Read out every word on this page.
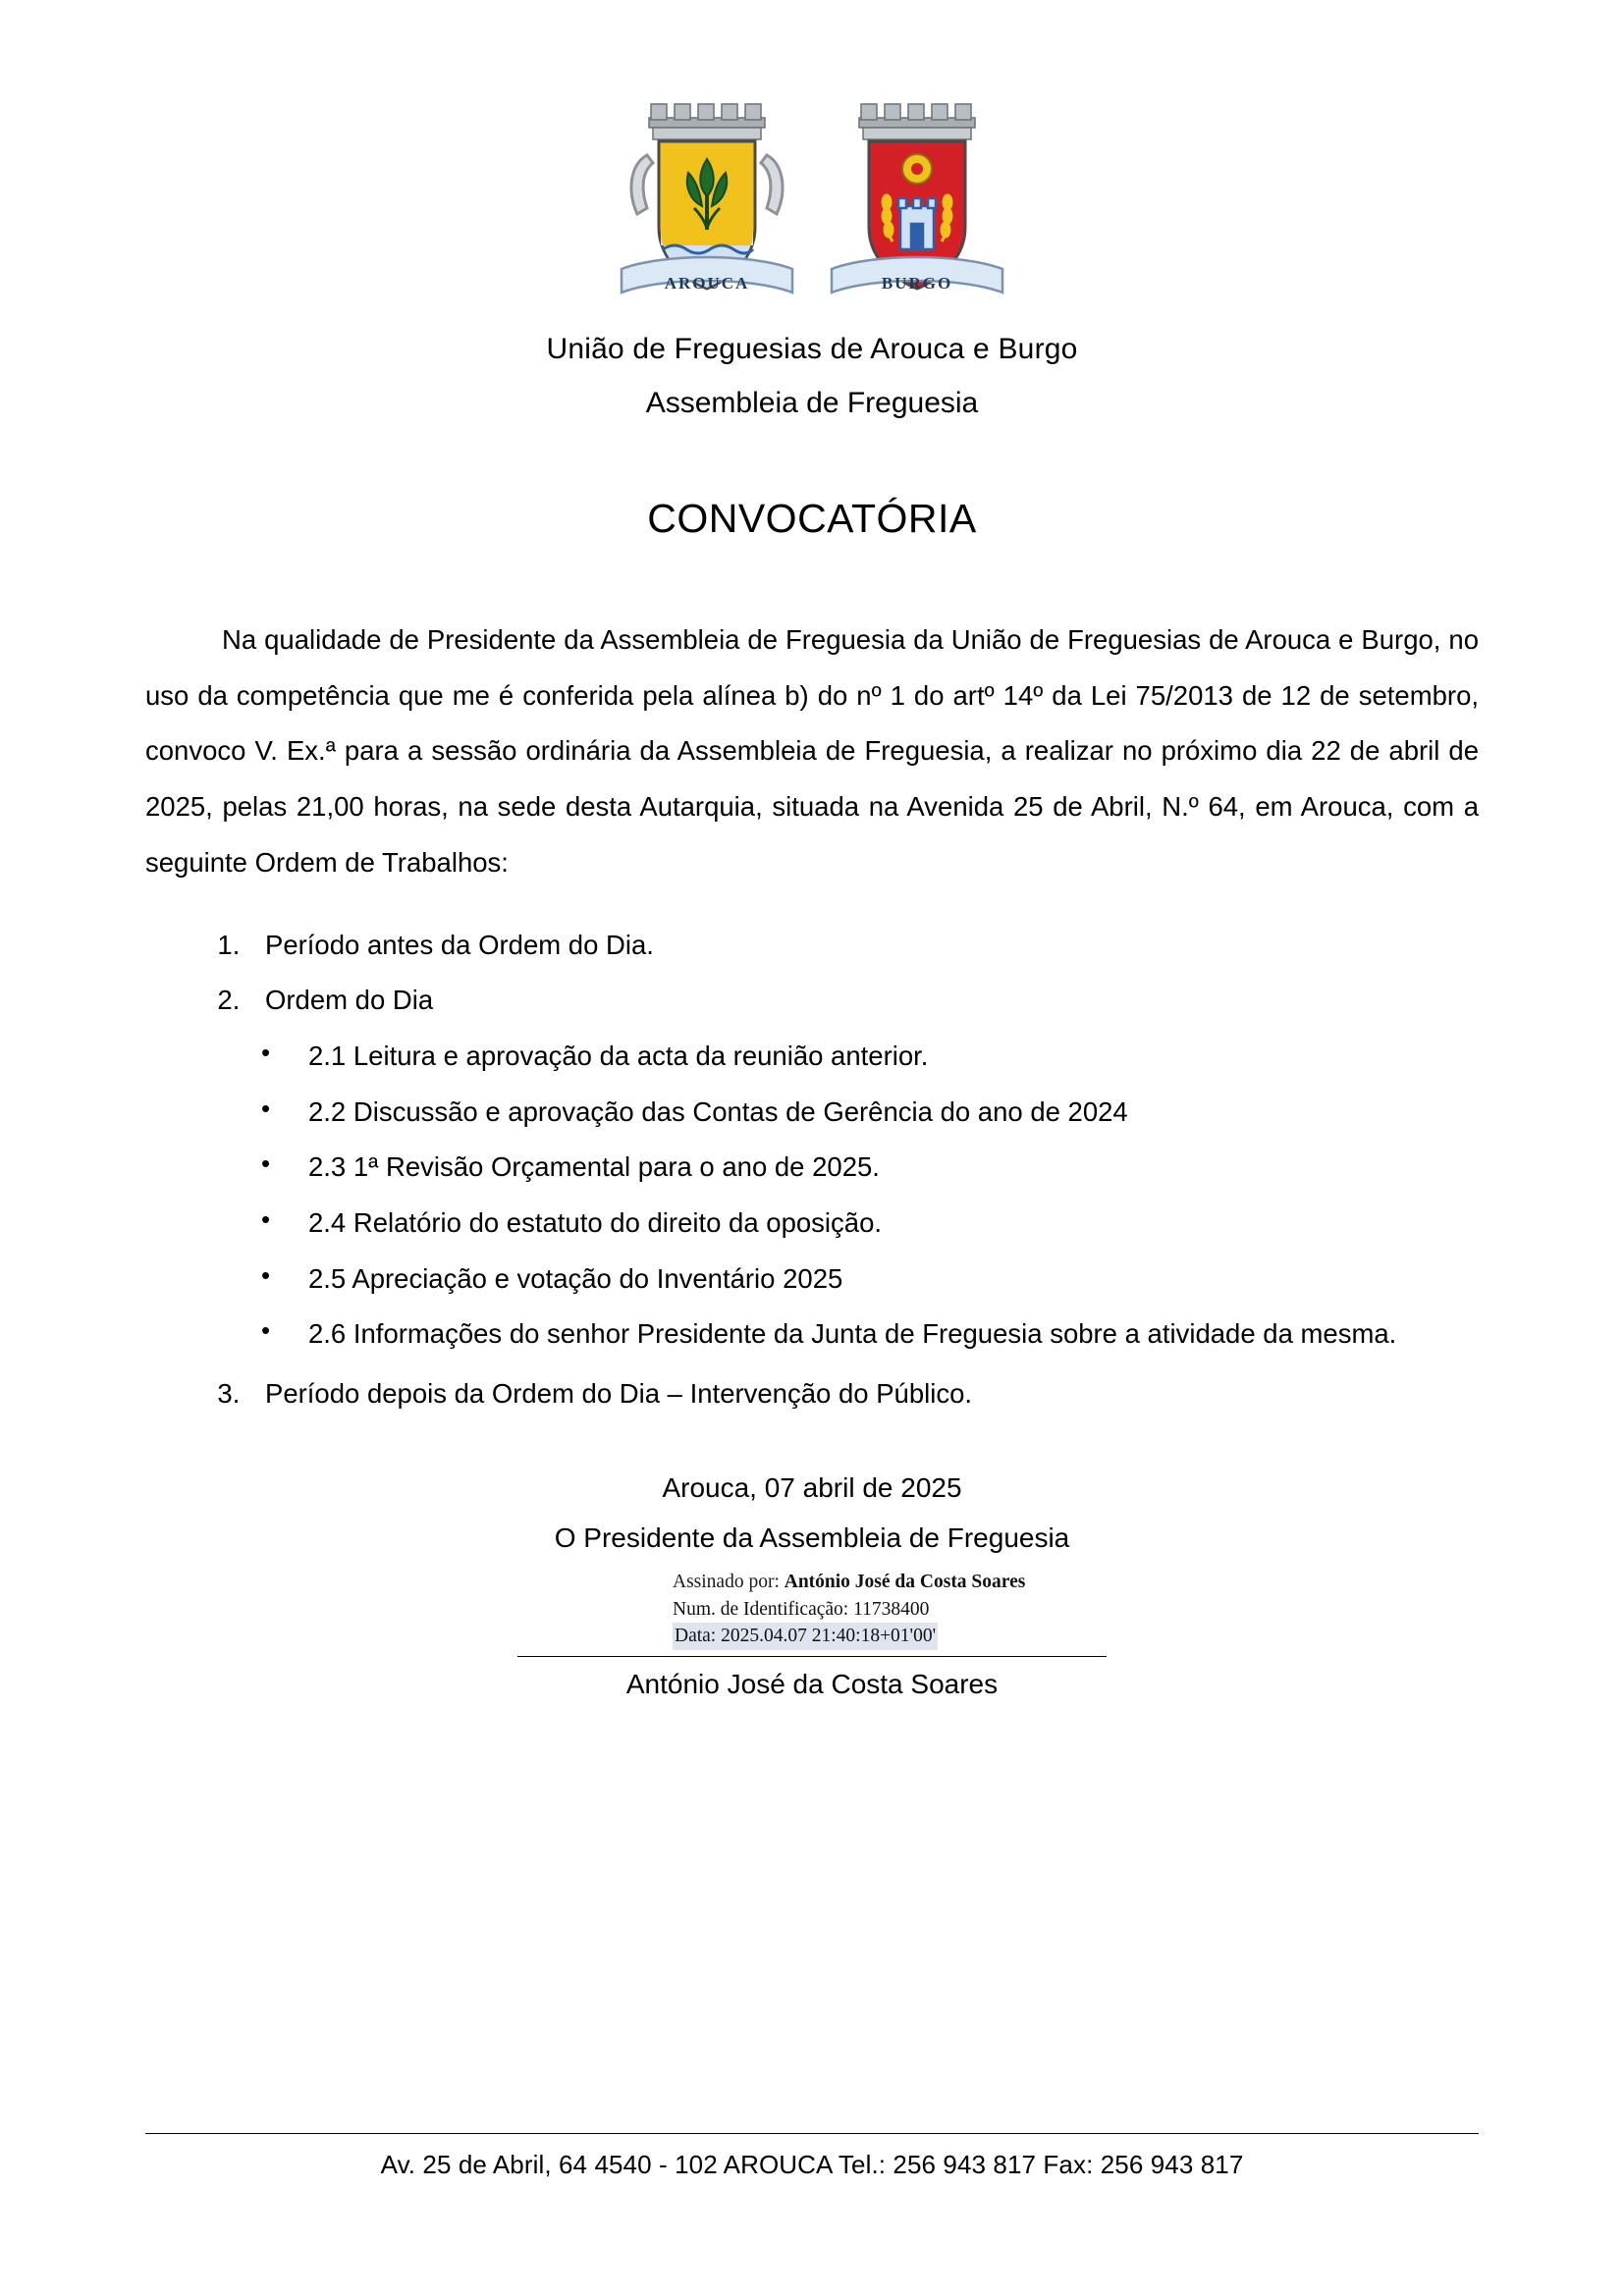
AROUCA	BURGO
União de Freguesias de Arouca e Burgo
Assembleia de Freguesia
CONVOCATÓRIA

Na qualidade de Presidente da Assembleia de Freguesia da União de Freguesias de Arouca e Burgo, no uso da competência que me é conferida pela alínea b) do nº 1 do artº 14º da Lei 75/2013 de 12 de setembro, convoco V. Ex.ª para a sessão ordinária da Assembleia de Freguesia, a realizar no próximo dia 22 de abril de 2025, pelas 21,00 horas, na sede desta Autarquia, situada na Avenida 25 de Abril, N.º 64, em Arouca, com a seguinte Ordem de Trabalhos:

1. Período antes da Ordem do Dia.
2. Ordem do Dia
• 2.1 Leitura e aprovação da acta da reunião anterior.
• 2.2 Discussão e aprovação das Contas de Gerência do ano de 2024
• 2.3 1ª Revisão Orçamental para o ano de 2025.
• 2.4 Relatório do estatuto do direito da oposição.
• 2.5 Apreciação e votação do Inventário 2025
• 2.6 Informações do senhor Presidente da Junta de Freguesia sobre a atividade da mesma.
3. Período depois da Ordem do Dia – Intervenção do Público.
Arouca, 07 abril de 2025
O Presidente da Assembleia de Freguesia
Assinado por: António José da Costa Soares
Num. de Identificação: 11738400
Data: 2025.04.07 21:40:18+01'00'
António José da Costa Soares
Av. 25 de Abril, 64 4540 - 102 AROUCA Tel.: 256 943 817 Fax: 256 943 817
